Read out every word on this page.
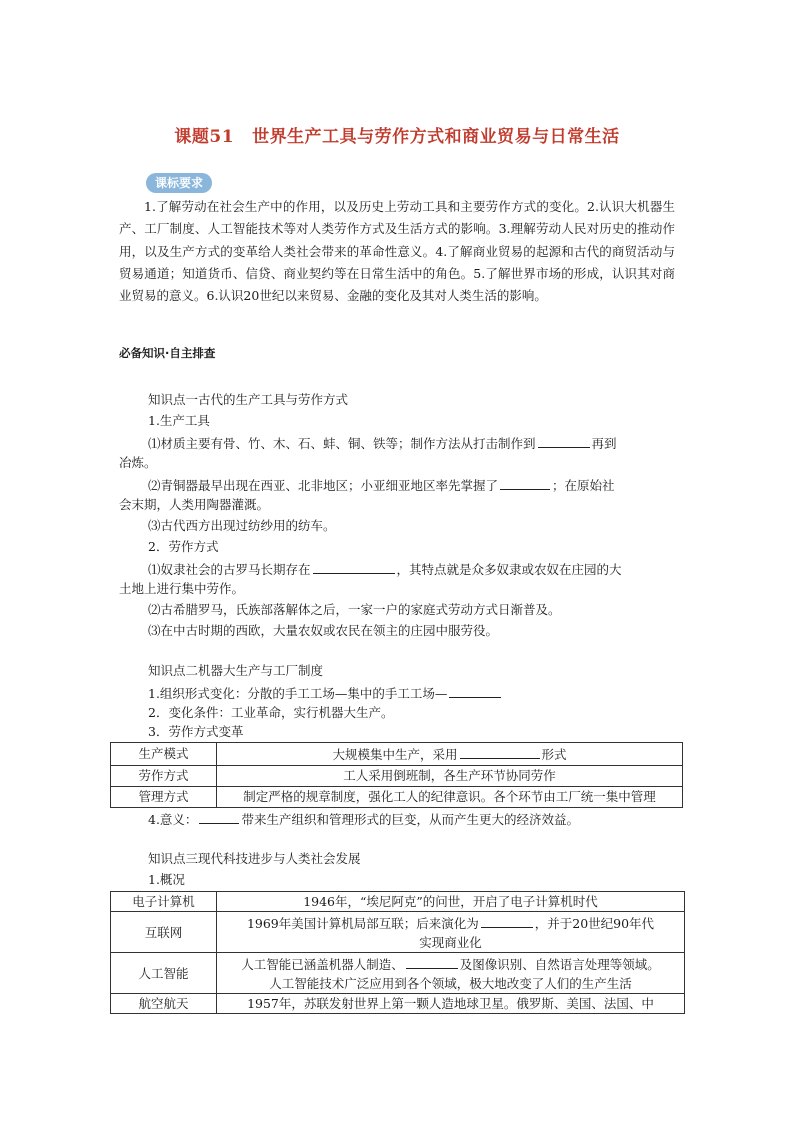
课题51 世界生产工具与劳作方式和商业贸易与日常生活
课标要求

1.了解劳动在社会生产中的作用，以及历史上劳动工具和主要劳作方式的变化。2.认识大机器生产、工厂制度、人工智能技术等对人类劳作方式及生活方式的影响。3.理解劳动人民对历史的推动作用，以及生产方式的变革给人类社会带来的革命性意义。4.了解商业贸易的起源和古代的商贸活动与贸易通道；知道货币、信贷、商业契约等在日常生活中的角色。5.了解世界市场的形成，认识其对商业贸易的意义。6.认识20世纪以来贸易、金融的变化及其对人类生活的影响。

必备知识·自主排查

知识点一古代的生产工具与劳作方式

1.生产工具

⑴材质主要有骨、竹、木、石、蚌、铜、铁等；制作方法从打击制作到	再到

冶炼。

⑵青铜器最早出现在西亚、北非地区；小亚细亚地区率先掌握了	；在原始社

会末期，人类用陶器灌溉。

⑶古代西方出现过纺纱用的纺车。

2．劳作方式

⑴奴隶社会的古罗马长期存在	，其特点就是众多奴隶或农奴在庄园的大

土地上进行集中劳作。

⑵古希腊罗马，氏族部落解体之后，一家一户的家庭式劳动方式日渐普及。

⑶在中古时期的西欧，大量农奴或农民在领主的庄园中服劳役。

知识点二机器大生产与工厂制度

1.组织形式变化：分散的手工工场—集中的手工工场—

2．变化条件：工业革命，实行机器大生产。

3．劳作方式变革

生产模式	大规模集中生产，采用 形式
劳作方式	工人采用倒班制，各生产环节协同劳作
管理方式	制定严格的规章制度，强化工人的纪律意识。各个环节由工厂统一集中管理

4.意义：	带来生产组织和管理形式的巨变，从而产生更大的经济效益。

知识点三现代科技进步与人类社会发展

1.概况

电子计算机	1946年，“埃尼阿克”的问世，开启了电子计算机时代
互联网	1969年美国计算机局部互联；后来演化为 ，并于20世纪90年代
实现商业化
人工智能	人工智能已涵盖机器人制造、 及图像识别、自然语言处理等领域。
人工智能技术广泛应用到各个领域，极大地改变了人们的生产生活
航空航天	1957年，苏联发射世界上第一颗人造地球卫星。俄罗斯、美国、法国、中
